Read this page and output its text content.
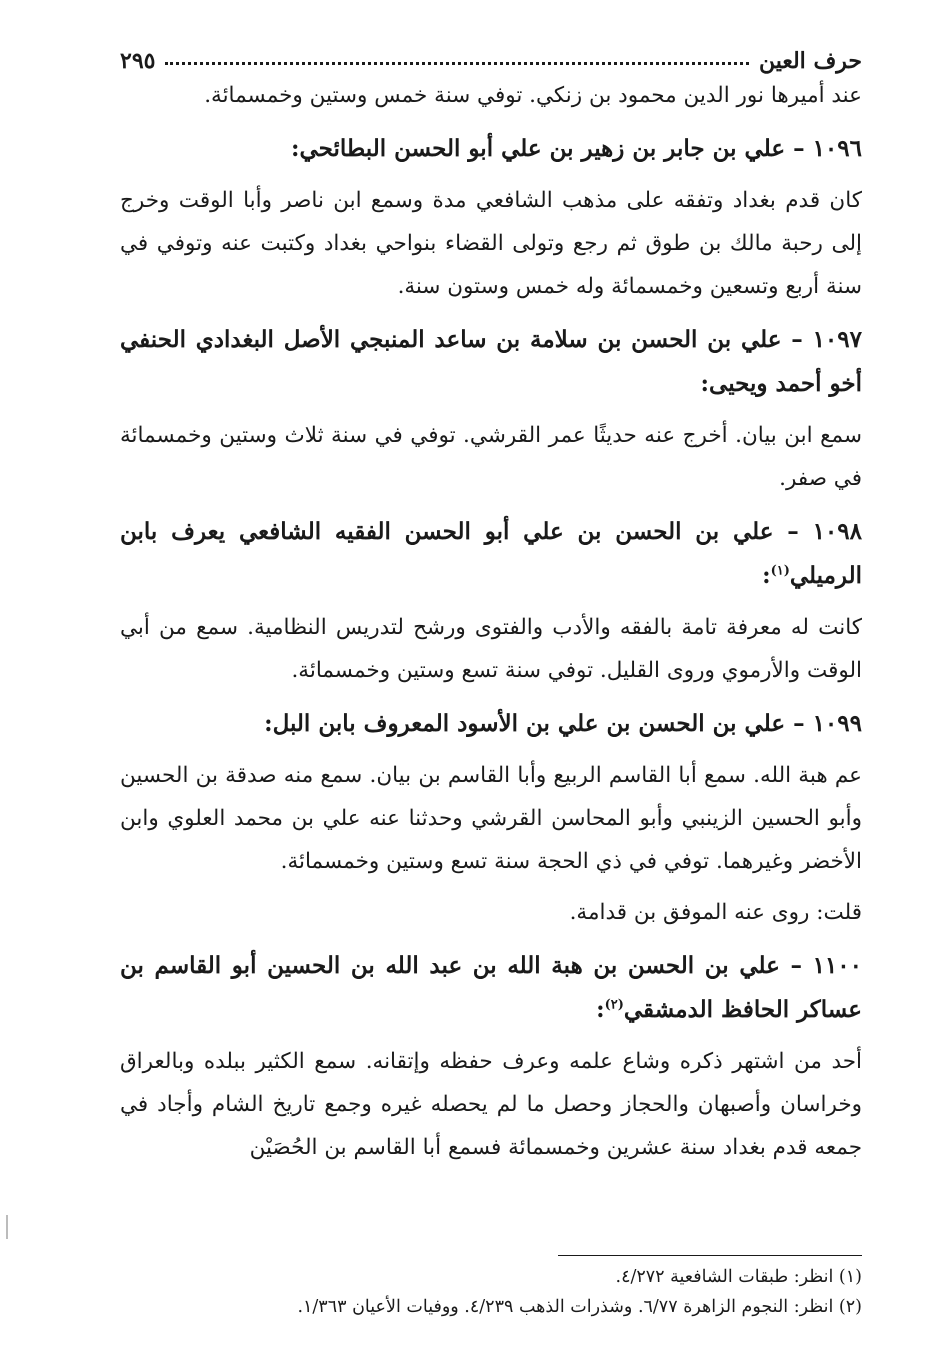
حرف العين
٢٩٥

عند أميرها نور الدين محمود بن زنكي. توفي سنة خمس وستين وخمسمائة.

١٠٩٦ – علي بن جابر بن زهير بن علي أبو الحسن البطائحي:

كان قدم بغداد وتفقه على مذهب الشافعي مدة وسمع ابن ناصر وأبا الوقت وخرج إلى رحبة مالك بن طوق ثم رجع وتولى القضاء بنواحي بغداد وكتبت عنه وتوفي في سنة أربع وتسعين وخمسمائة وله خمس وستون سنة.

١٠٩٧ – علي بن الحسن بن سلامة بن ساعد المنبجي الأصل البغدادي الحنفي أخو أحمد ويحيى:

سمع ابن بيان. أخرج عنه حديثًا عمر القرشي. توفي في سنة ثلاث وستين وخمسمائة في صفر.

١٠٩٨ – علي بن الحسن بن علي أبو الحسن الفقيه الشافعي يعرف بابن الرميلي$^{(١)}$:

كانت له معرفة تامة بالفقه والأدب والفتوى ورشح لتدريس النظامية. سمع من أبي الوقت والأرموي وروى القليل. توفي سنة تسع وستين وخمسمائة.

١٠٩٩ – علي بن الحسن بن علي بن الأسود المعروف بابن البل:

عم هبة الله. سمع أبا القاسم الربيع وأبا القاسم بن بيان. سمع منه صدقة بن الحسين وأبو الحسين الزينبي وأبو المحاسن القرشي وحدثنا عنه علي بن محمد العلوي وابن الأخضر وغيرهما. توفي في ذي الحجة سنة تسع وستين وخمسمائة.

قلت: روى عنه الموفق بن قدامة.

١١٠٠ – علي بن الحسن بن هبة الله بن عبد الله بن الحسين أبو القاسم بن عساكر الحافظ الدمشقي$^{(٢)}$:

أحد من اشتهر ذكره وشاع علمه وعرف حفظه وإتقانه. سمع الكثير ببلده وبالعراق وخراسان وأصبهان والحجاز وحصل ما لم يحصله غيره وجمع تاريخ الشام وأجاد في جمعه قدم بغداد سنة عشرين وخمسمائة فسمع أبا القاسم بن الحُصَيْن

(١) انظر: طبقات الشافعية ٤/٢٧٢.
(٢) انظر: النجوم الزاهرة ٦/٧٧. وشذرات الذهب ٤/٢٣٩. ووفيات الأعيان ١/٣٦٣.
